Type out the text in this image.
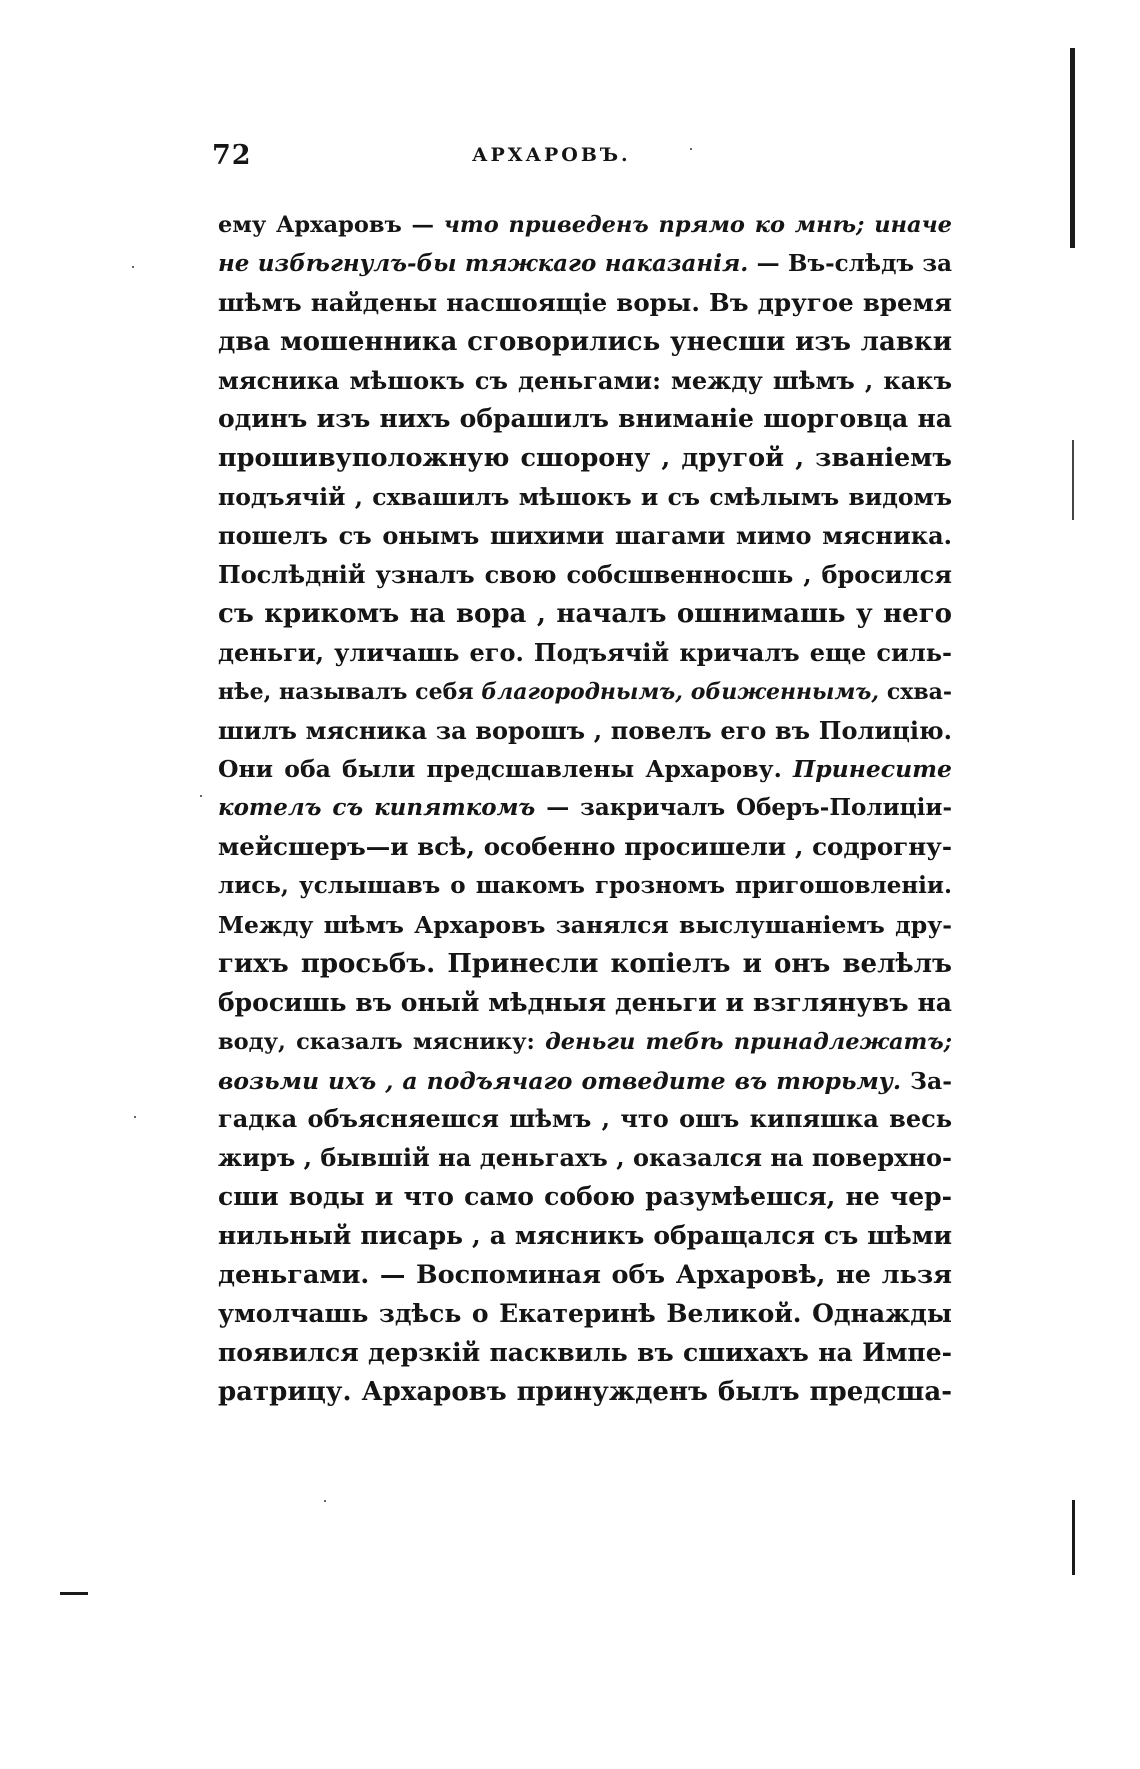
72	АРХАРОВЪ.
ему Архаровъ — что приведенъ прямо ко мнѣ; иначе
не избѣгнулъ-бы тяжкаго наказанія. — Въ-слѣдъ за
шѣмъ найдены насшоящіе воры. Въ другое время
два мошенника сговорились унесши изъ лавки
мясника мѣшокъ съ деньгами: между шѣмъ , какъ
одинъ изъ нихъ обрашилъ вниманіе шорговца на
прошивуположную сшорону , другой , званіемъ
подъячій , схвашилъ мѣшокъ и съ смѣлымъ видомъ
пошелъ съ онымъ шихими шагами мимо мясника.
Послѣдній узналъ свою собсшвенносшь , бросился
съ крикомъ на вора , началъ ошнимашь у него
деньги, уличашь его. Подъячій кричалъ еще силь-
нѣе, называлъ себя благороднымъ, обиженнымъ, схва-
шилъ мясника за ворошъ , повелъ его въ Полицію.
Они оба были предсшавлены Архарову. Принесите
котелъ съ кипяткомъ — закричалъ Оберъ-Полиціи-
мейсшеръ—и всѣ, особенно просишели , содрогну-
лись, услышавъ о шакомъ грозномъ пригошовленіи.
Между шѣмъ Архаровъ занялся выслушаніемъ дру-
гихъ просьбъ. Принесли копіелъ и онъ велѣлъ
бросишь въ оный мѣдныя деньги и взглянувъ на
воду, сказалъ мяснику: деньги тебѣ принадлежатъ;
возьми ихъ , а подъячаго отведите въ тюрьму. За-
гадка объясняешся шѣмъ , что ошъ кипяшка весь
жиръ , бывшій на деньгахъ , оказался на поверхно-
сши воды и что само собою разумѣешся, не чер-
нильный писарь , а мясникъ обращался съ шѣми
деньгами. — Воспоминая объ Архаровѣ, не льзя
умолчашь здѣсь о Екатеринѣ Великой. Однажды
появился дерзкій пасквиль въ сшихахъ на Импе-
ратрицу. Архаровъ принужденъ былъ предсша-
